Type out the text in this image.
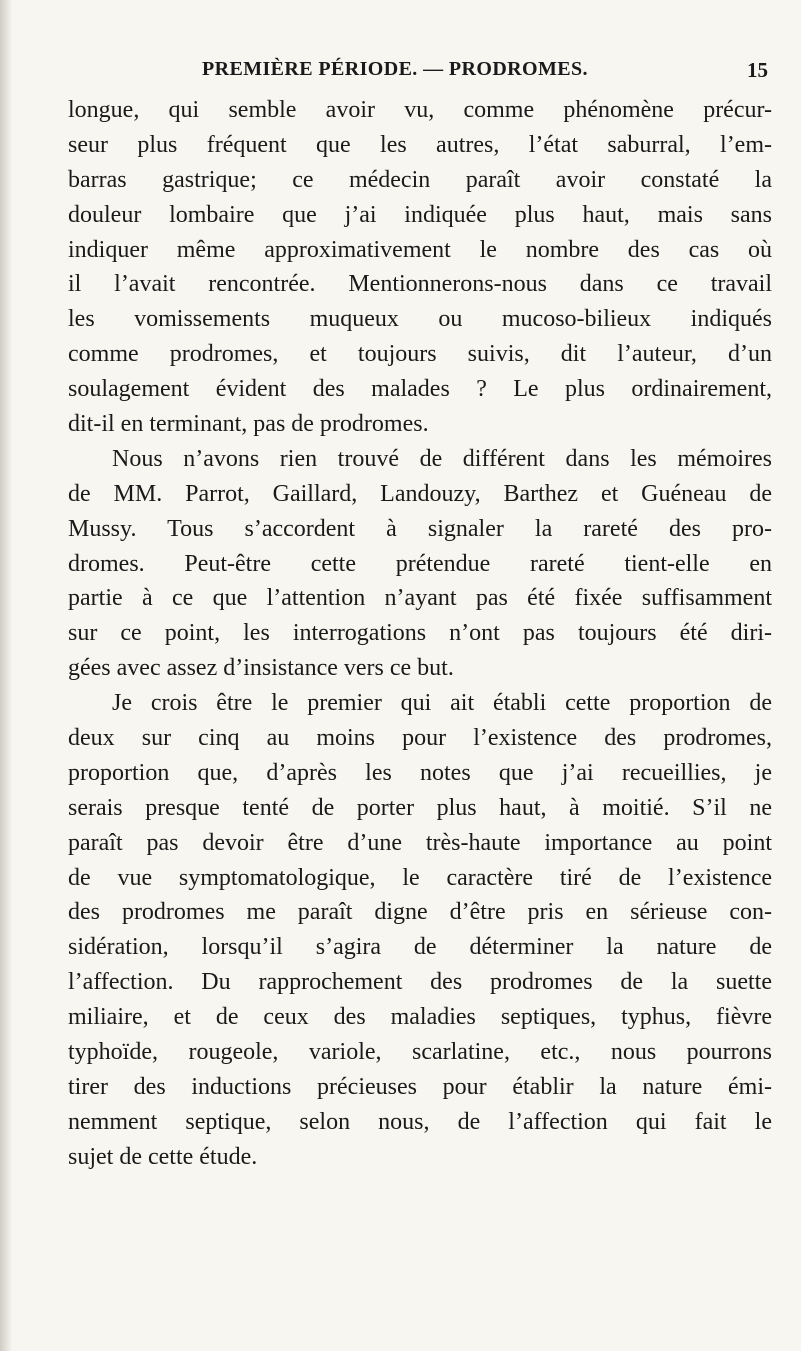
PREMIÈRE PÉRIODE. — PRODROMES.	15
longue, qui semble avoir vu, comme phénomène précur-
seur plus fréquent que les autres, l’état saburral, l’em-
barras gastrique; ce médecin paraît avoir constaté la
douleur lombaire que j’ai indiquée plus haut, mais sans
indiquer même approximativement le nombre des cas où
il l’avait rencontrée. Mentionnerons-nous dans ce travail
les vomissements muqueux ou mucoso-bilieux indiqués
comme prodromes, et toujours suivis, dit l’auteur, d’un
soulagement évident des malades ? Le plus ordinairement,
dit-il en terminant, pas de prodromes.
Nous n’avons rien trouvé de différent dans les mémoires
de MM. Parrot, Gaillard, Landouzy, Barthez et Guéneau de
Mussy. Tous s’accordent à signaler la rareté des pro-
dromes. Peut-être cette prétendue rareté tient-elle en
partie à ce que l’attention n’ayant pas été fixée suffisamment
sur ce point, les interrogations n’ont pas toujours été diri-
gées avec assez d’insistance vers ce but.
Je crois être le premier qui ait établi cette proportion de
deux sur cinq au moins pour l’existence des prodromes,
proportion que, d’après les notes que j’ai recueillies, je
serais presque tenté de porter plus haut, à moitié. S’il ne
paraît pas devoir être d’une très-haute importance au point
de vue symptomatologique, le caractère tiré de l’existence
des prodromes me paraît digne d’être pris en sérieuse con-
sidération, lorsqu’il s’agira de déterminer la nature de
l’affection. Du rapprochement des prodromes de la suette
miliaire, et de ceux des maladies septiques, typhus, fièvre
typhoïde, rougeole, variole, scarlatine, etc., nous pourrons
tirer des inductions précieuses pour établir la nature émi-
nemment septique, selon nous, de l’affection qui fait le
sujet de cette étude.
